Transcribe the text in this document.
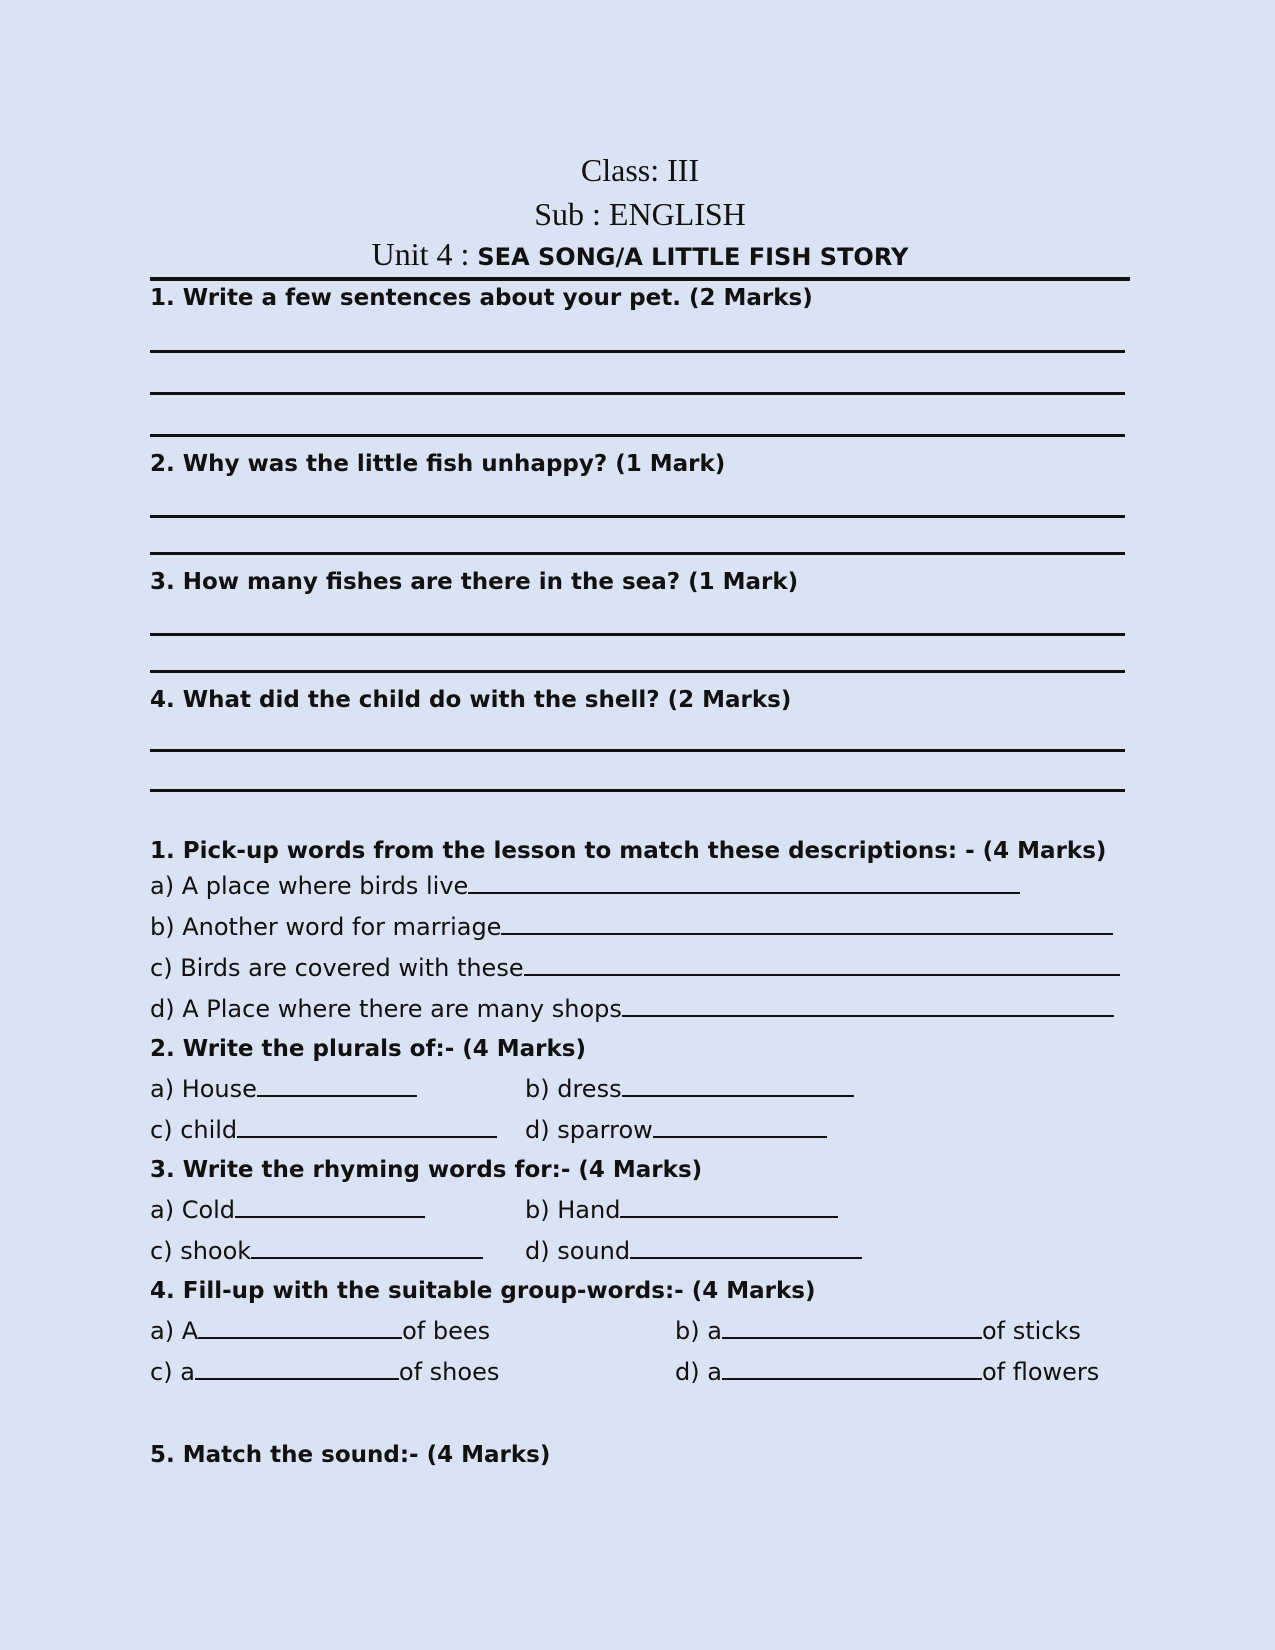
Class: III
Sub : ENGLISH
Unit 4 : SEA SONG/A LITTLE FISH STORY

1. Write a few sentences about your pet. (2 Marks)

2. Why was the little fish unhappy? (1 Mark)

3. How many fishes are there in the sea? (1 Mark)

4. What did the child do with the shell? (2 Marks)

1. Pick-up words from the lesson to match these descriptions: - (4 Marks)

a) A place where birds live
b) Another word for marriage
c) Birds are covered with these
d) A Place where there are many shops

2. Write the plurals of:- (4 Marks)

a) House	b) dress
c) child	d) sparrow

3. Write the rhyming words for:- (4 Marks)

a) Cold	b) Hand
c) shook	d) sound

4. Fill-up with the suitable group-words:- (4 Marks)

a) A	of bees	b) a	of sticks
c) a	of shoes	d) a	of flowers

5. Match the sound:- (4 Marks)
